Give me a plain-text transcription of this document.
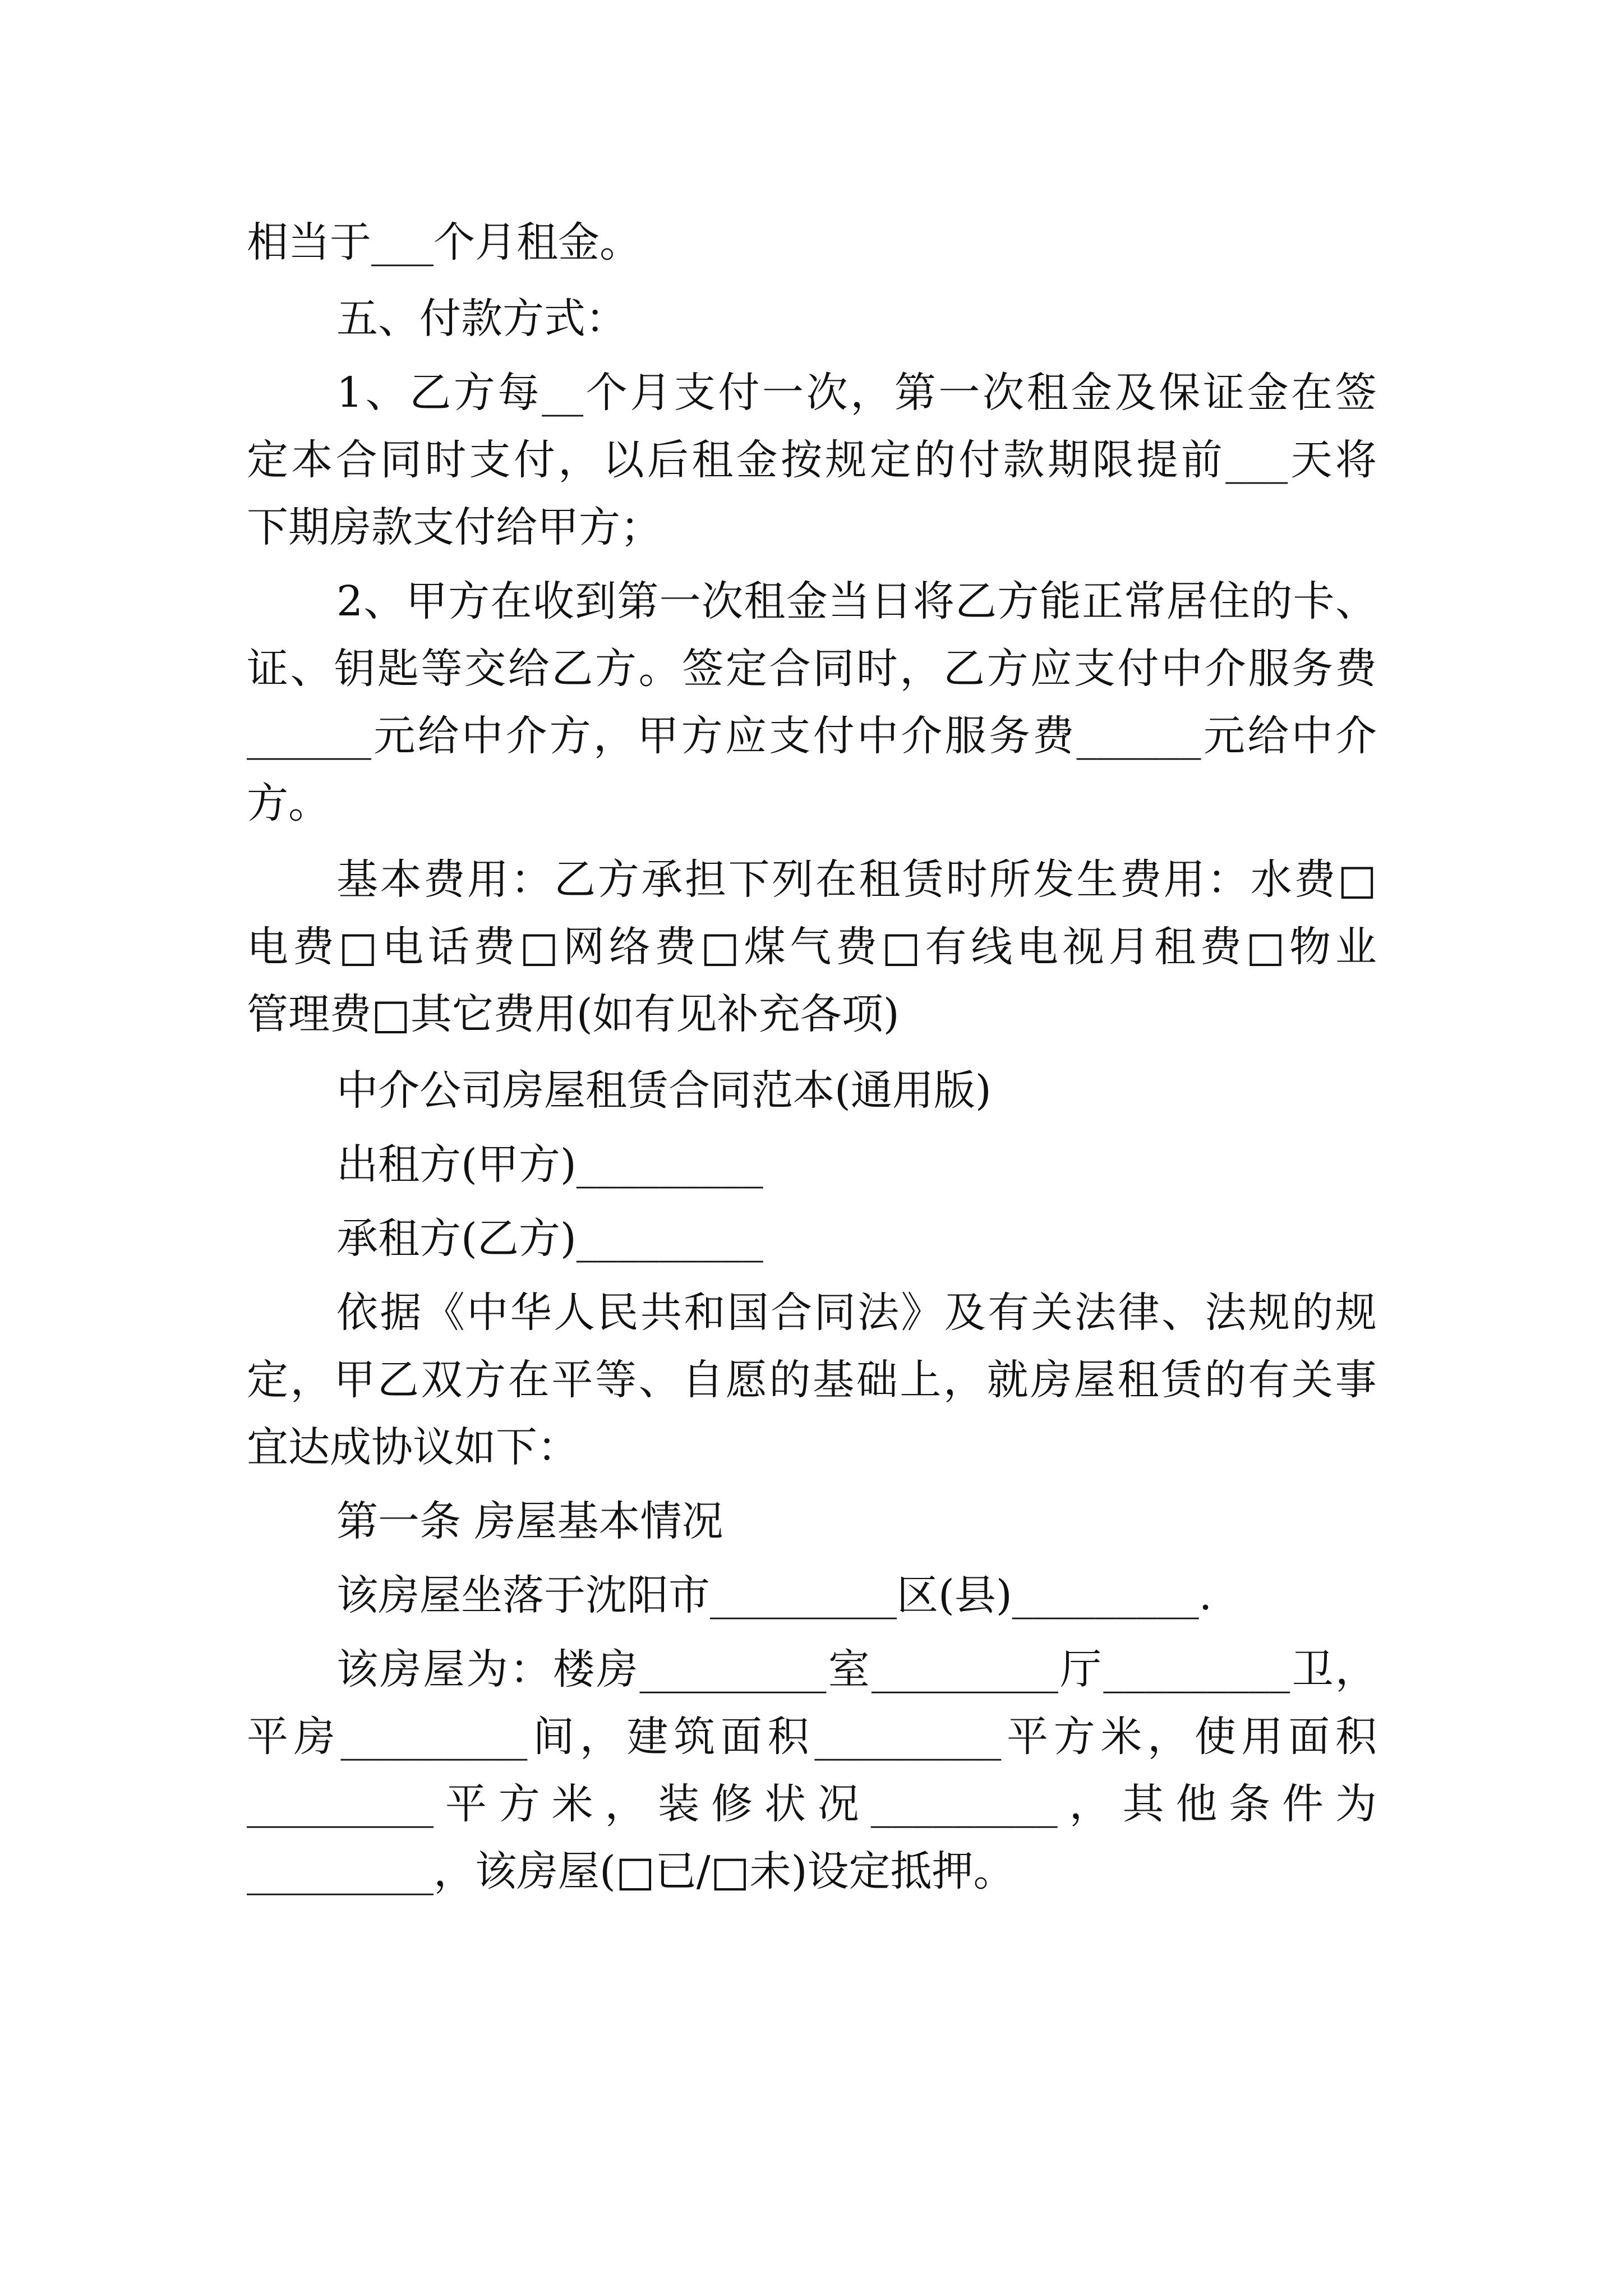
相当于___个月租金。
五、付款方式：
1 、 乙 方 每 __ 个 月 支 付 一 次 ， 第 一 次 租 金 及 保 证 金 在 签
定 本 合 同 时 支 付 ， 以 后 租 金 按 规 定 的 付 款 期 限 提 前 ___ 天 将
下期房款支付给甲方；
2 、 甲 方 在 收 到 第 一 次 租 金 当 日 将 乙 方 能 正 常 居 住 的 卡 、
证 、 钥 匙 等 交 给 乙 方 。 签 定 合 同 时 ， 乙 方 应 支 付 中 介 服 务 费
______ 元 给 中 介 方 ， 甲 方 应 支 付 中 介 服 务 费 ______ 元 给 中 介
方。
基 本 费 用 ： 乙 方 承 担 下 列 在 租 赁 时 所 发 生 费 用 ： 水 费 □
电 费 □ 电 话 费 □ 网 络 费 □ 煤 气 费 □ 有 线 电 视 月 租 费 □ 物 业
管理费□其它费用(如有见补充各项)
中介公司房屋租赁合同范本(通用版)
出租方(甲方)_________
承租方(乙方)_________
依 据 《 中 华 人 民 共 和 国 合 同 法 》 及 有 关 法 律 、 法 规 的 规
定 ， 甲 乙 双 方 在 平 等 、 自 愿 的 基 础 上 ， 就 房 屋 租 赁 的 有 关 事
宜达成协议如下：
第一条 房屋基本情况
该房屋坐落于沈阳市_________区(县)_________.
该 房 屋 为 ： 楼 房 _________ 室 _________ 厅 _________ 卫 ，
平 房 _________ 间 ， 建 筑 面 积 _________ 平 方 米 ， 使 用 面 积
_________ 平 方 米 ， 装 修 状 况 _________ ， 其 他 条 件 为
_________，该房屋(□已/□未)设定抵押。
